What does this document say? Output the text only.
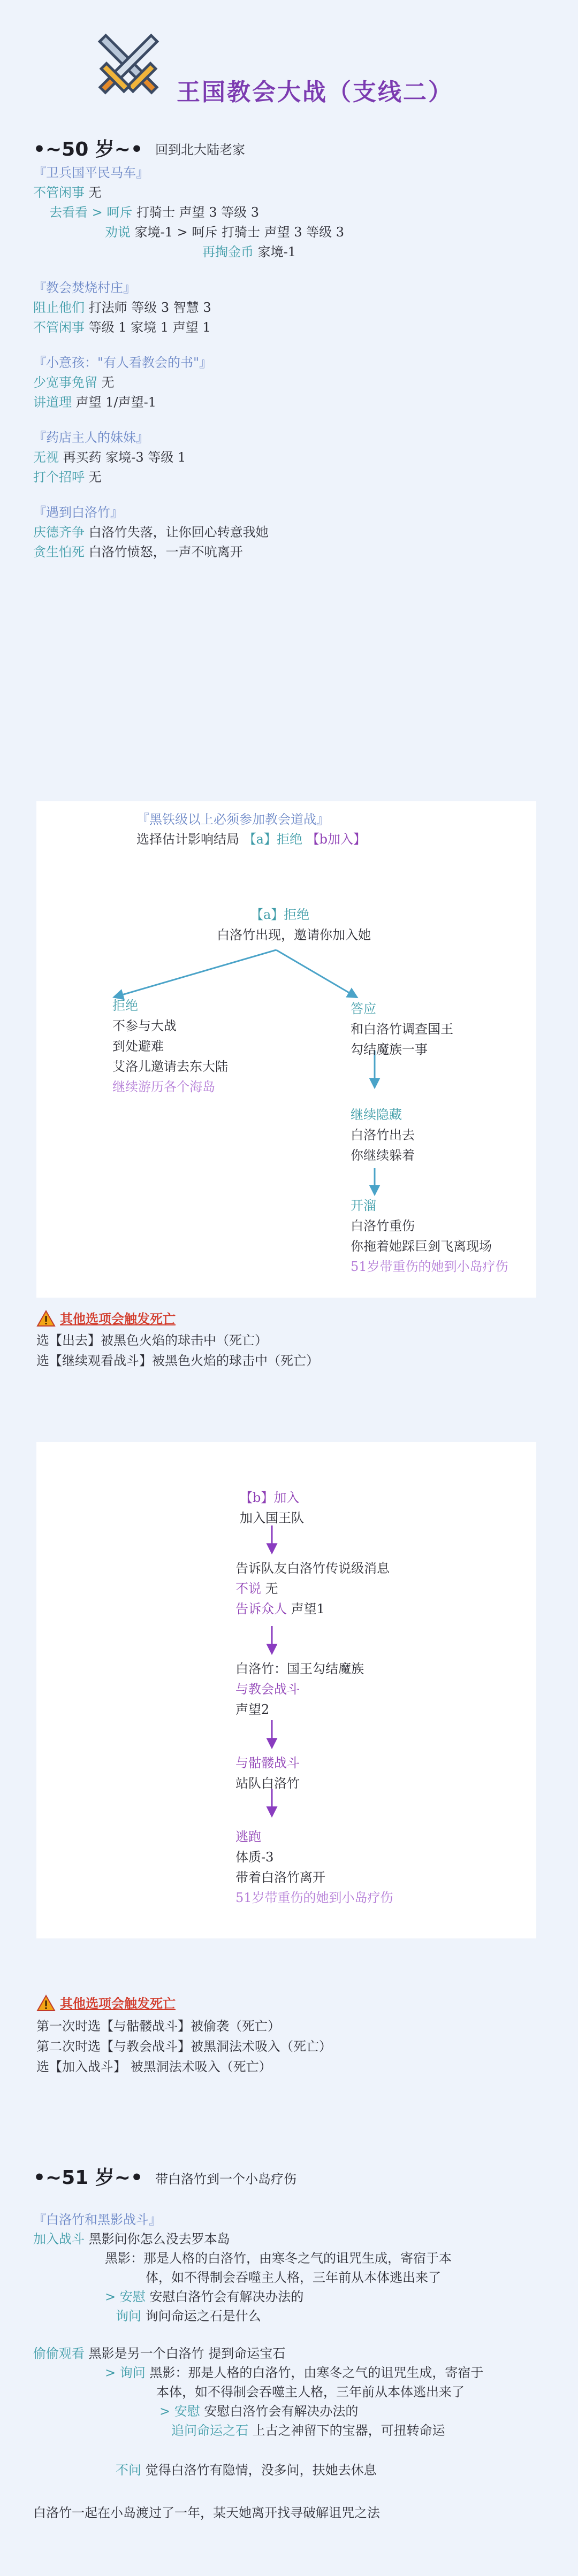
王国教会大战（支线二）
•~50 岁~• 回到北大陆老家
『卫兵国平民马车』
不管闲事 无
去看看 > 呵斥 打骑士 声望 3 等级 3
劝说 家境-1 > 呵斥 打骑士 声望 3 等级 3
再掏金币 家境-1
『教会焚烧村庄』
阻止他们 打法师 等级 3 智慧 3
不管闲事 等级 1 家境 1 声望 1
『小意孩："有人看教会的书"』
少宽事免留 无
讲道理 声望 1/声望-1
『药店主人的妹妹』
无视 再买药 家境-3 等级 1
打个招呼 无
『遇到白洛竹』
庆德齐争 白洛竹失落，让你回心转意我她
贪生怕死 白洛竹愤怒，一声不吭离开
『黑铁级以上必须参加教会道战』
选择估计影响结局 【a】拒绝 【b加入】
【a】拒绝
白洛竹出现，邀请你加入她
拒绝
不参与大战
到处避难
艾洛儿邀请去东大陆
继续游历各个海岛
答应
和白洛竹调查国王
勾结魔族一事
继续隐藏
白洛竹出去
你继续躲着
开溜
白洛竹重伤
你拖着她踩巨剑飞离现场
51岁带重伤的她到小岛疗伤
其他选项会触发死亡
选【出去】被黑色火焰的球击中（死亡）
选【继续观看战斗】被黑色火焰的球击中（死亡）
【b】加入
加入国王队
告诉队友白洛竹传说级消息
不说 无
告诉众人 声望1
白洛竹：国王勾结魔族
与教会战斗
声望2
与骷髅战斗
站队白洛竹
逃跑
体质-3
带着白洛竹离开
51岁带重伤的她到小岛疗伤
其他选项会触发死亡
第一次时选【与骷髅战斗】被偷袭（死亡）
第二次时选【与教会战斗】被黑洞法术吸入（死亡）
选【加入战斗】 被黑洞法术吸入（死亡）
•~51 岁~• 带白洛竹到一个小岛疗伤
『白洛竹和黑影战斗』
加入战斗 黑影问你怎么没去罗本岛
黑影：那是人格的白洛竹，由寒冬之气的诅咒生成，寄宿于本
体，如不得制会吞噬主人格，三年前从本体逃出来了
> 安慰 安慰白洛竹会有解决办法的
询问 询问命运之石是什么
偷偷观看 黑影是另一个白洛竹 提到命运宝石
> 询问 黑影：那是人格的白洛竹，由寒冬之气的诅咒生成，寄宿于
本体，如不得制会吞噬主人格，三年前从本体逃出来了
> 安慰 安慰白洛竹会有解决办法的
追问命运之石 上古之神留下的宝器，可扭转命运
不问 觉得白洛竹有隐情，没多问，扶她去休息
白洛竹一起在小岛渡过了一年，某天她离开找寻破解诅咒之法
